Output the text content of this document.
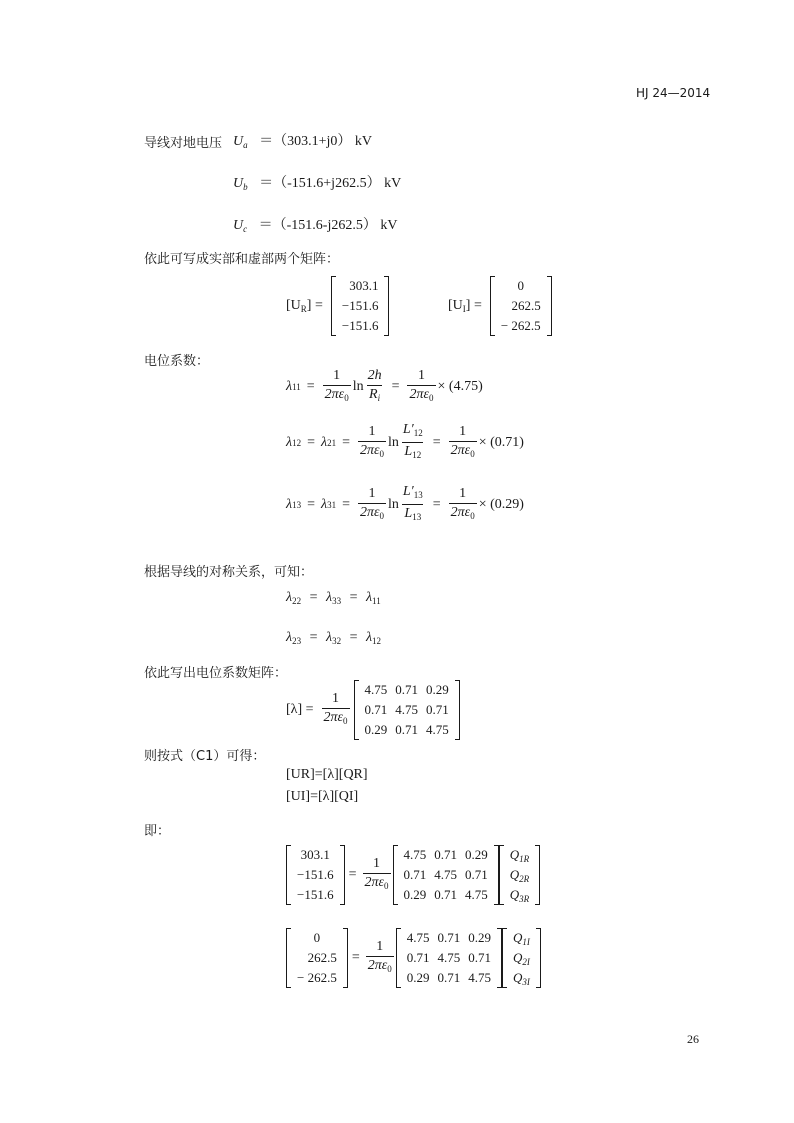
HJ 24—2014
导线对地电压 $U_a =(303.1+j0)$ kV
$U_b =(-151.6+j262.5)$ kV
$U_c =(-151.6-j262.5)$ kV
依此可写成实部和虚部两个矩阵：
$[U_R]$ =
303.1
−151.6
−151.6
$[U_I]$ =
0
262.5
− 262.5
电位系数：
λ $11 = \frac{1}{2\pi\varepsilon_0}$ $\ln \frac{2h}{R_i} = \frac{1}{2\pi\varepsilon_0} \times (4.75)$
λ 12 = λ $21 = \frac{1}{2\pi\varepsilon_0}$ $\ln \frac{L'_{12}}{L_{12}} = \frac{1}{2\pi\varepsilon_0} \times (0.71)$
λ 13 = λ $31 = \frac{1}{2\pi\varepsilon_0}$ $\ln \frac{L'_{13}}{L_{13}} = \frac{1}{2\pi\varepsilon_0} \times (0.29)$
根据导线的对称关系，可知：
$\lambda_{22} = \lambda_{33} = \lambda_{11}$
$\lambda_{23} = \lambda_{32} = \lambda_{12}$
依此写出电位系数矩阵：
$[\lambda] = \frac{1}{2\pi\varepsilon_0}$
4.75	0.71	0.29
0.71	4.75	0.71
0.29	0.71	4.75
则按式（C1）可得：
[UR]=[λ][QR]
[UI]=[λ][QI]
即：
303.1
−151.6
−151.6
= $\frac{1}{2\pi\varepsilon_0}$
4.75	0.71	0.29
0.71	4.75	0.71
0.29	0.71	4.75
$Q_{1R}$
$Q_{2R}$
$Q_{3R}$
0
262.5
− 262.5
= $\frac{1}{2\pi\varepsilon_0}$
4.75	0.71	0.29
0.71	4.75	0.71
0.29	0.71	4.75
$Q_{1I}$
$Q_{2I}$
$Q_{3I}$
26
